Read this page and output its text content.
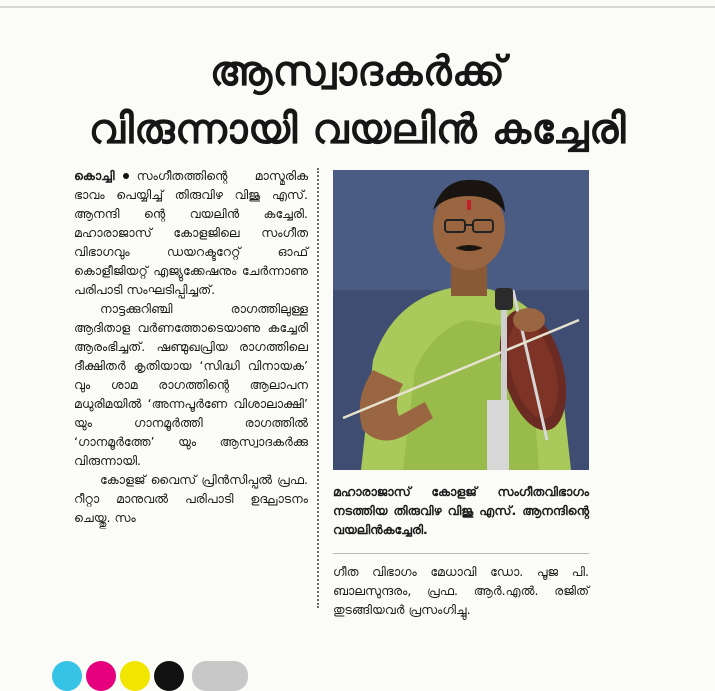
ആസ്വാദകർക്ക്
വിരുന്നായി വയലിൻ കച്ചേരി

കൊച്ചി സംഗീതത്തിന്റെ മാസ്മരിക ഭാവം പെയ്യിച്ച് തിരുവിഴ വിജു എസ്. ആനന്ദി ന്റെ വയലിൻ കച്ചേരി. മഹാരാജാസ് കോളജിലെ സംഗീത വിഭാഗവും ഡയറക്ടറേറ്റ് ഓഫ് കൊളീജിയറ്റ് എജ്യുക്കേഷനും ചേർന്നാണു പരിപാടി സംഘടിപ്പിച്ചത്.

നാട്ടക്കുറിഞ്ചി രാഗത്തിലുള്ള ആദിതാള വർണത്തോടെയാണു കച്ചേരി ആരംഭിച്ചത്. ഷണ്മുഖപ്രിയ രാഗത്തിലെ ദീക്ഷിതർ കൃതിയായ ‘സിദ്ധി വിനായക’ വും ശാമ രാഗത്തിന്റെ ആലാപന മധുരിമയിൽ ‘അന്നപൂർണേ വിശാലാക്ഷി’ യും ഗാനമൂർത്തി രാഗത്തിൽ ‘ഗാനമൂർത്തേ’ യും ആസ്വാദകർക്കു വിരുന്നായി.

കോളജ് വൈസ് പ്രിൻസിപ്പൽ പ്രഫ. റീറ്റാ മാനുവൽ പരിപാടി ഉദ്ഘാടനം ചെയ്തു. സം

മഹാരാജാസ് കോളജ് സംഗീതവിഭാഗം നടത്തിയ തിരുവിഴ വിജു എസ്. ആനന്ദിന്റെ വയലിൻകച്ചേരി.
ഗീത വിഭാഗം മേധാവി ഡോ. പൂജ പി. ബാലസുന്ദരം, പ്രഫ. ആർ.എൽ. രജിത് തുടങ്ങിയവർ പ്രസംഗിച്ചു.
